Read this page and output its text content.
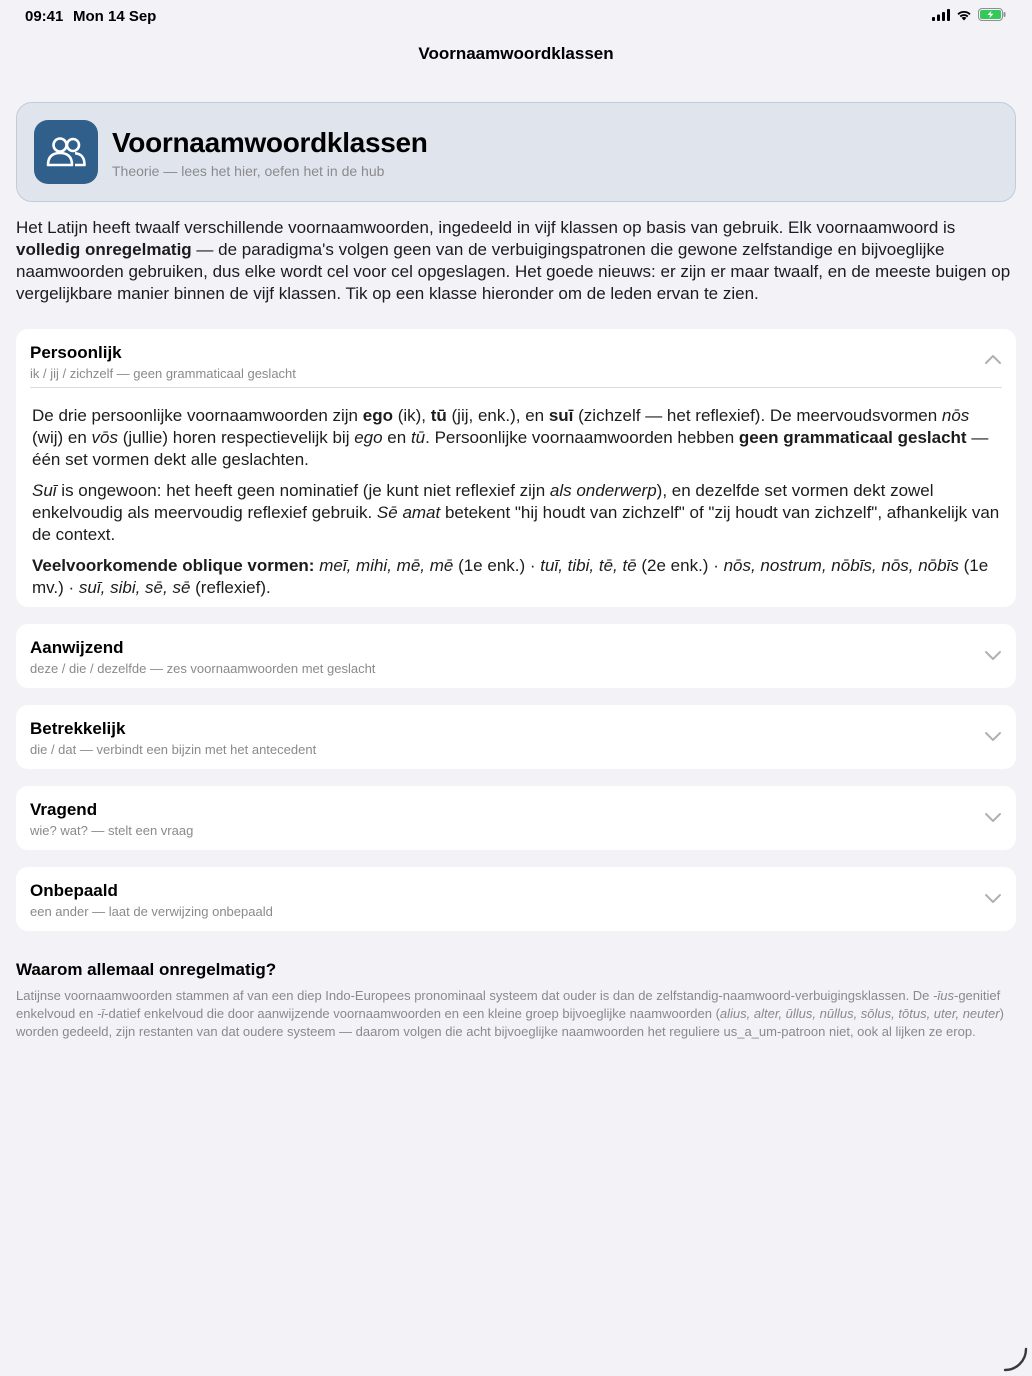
09:41 Mon 14 Sep
Voornaamwoordklassen
Voornaamwoordklassen
Theorie — lees het hier, oefen het in de hub
Het Latijn heeft twaalf verschillende voornaamwoorden, ingedeeld in vijf klassen op basis van gebruik. Elk voornaamwoord is volledig onregelmatig — de paradigma's volgen geen van de verbuigingspatronen die gewone zelfstandige en bijvoeglijke naamwoorden gebruiken, dus elke wordt cel voor cel opgeslagen. Het goede nieuws: er zijn er maar twaalf, en de meeste buigen op vergelijkbare manier binnen de vijf klassen. Tik op een klasse hieronder om de leden ervan te zien.
Persoonlijk
ik / jij / zichzelf — geen grammaticaal geslacht

De drie persoonlijke voornaamwoorden zijn ego (ik), tū (jij, enk.), en suī (zichzelf — het reflexief). De meervoudsvormen nōs (wij) en vōs (jullie) horen respectievelijk bij ego en tū. Persoonlijke voornaamwoorden hebben geen grammaticaal geslacht — één set vormen dekt alle geslachten.

Suī is ongewoon: het heeft geen nominatief (je kunt niet reflexief zijn als onderwerp), en dezelfde set vormen dekt zowel enkelvoudig als meervoudig reflexief gebruik. Sē amat betekent "hij houdt van zichzelf" of "zij houdt van zichzelf", afhankelijk van de context.

Veelvoorkomende oblique vormen: meī, mihi, mē, mē (1e enk.) · tuī, tibi, tē, tē (2e enk.) · nōs, nostrum, nōbīs, nōs, nōbīs (1e mv.) · suī, sibi, sē, sē (reflexief).

Aanwijzend
deze / die / dezelfde — zes voornaamwoorden met geslacht
Betrekkelijk
die / dat — verbindt een bijzin met het antecedent
Vragend
wie? wat? — stelt een vraag
Onbepaald
een ander — laat de verwijzing onbepaald
Waarom allemaal onregelmatig?
Latijnse voornaamwoorden stammen af van een diep Indo-Europees pronominaal systeem dat ouder is dan de zelfstandig-naamwoord-verbuigingsklassen. De -īus-genitief enkelvoud en -ī-datief enkelvoud die door aanwijzende voornaamwoorden en een kleine groep bijvoeglijke naamwoorden (alius, alter, ūllus, nūllus, sōlus, tōtus, uter, neuter) worden gedeeld, zijn restanten van dat oudere systeem — daarom volgen die acht bijvoeglijke naamwoorden het reguliere us_a_um-patroon niet, ook al lijken ze erop.
